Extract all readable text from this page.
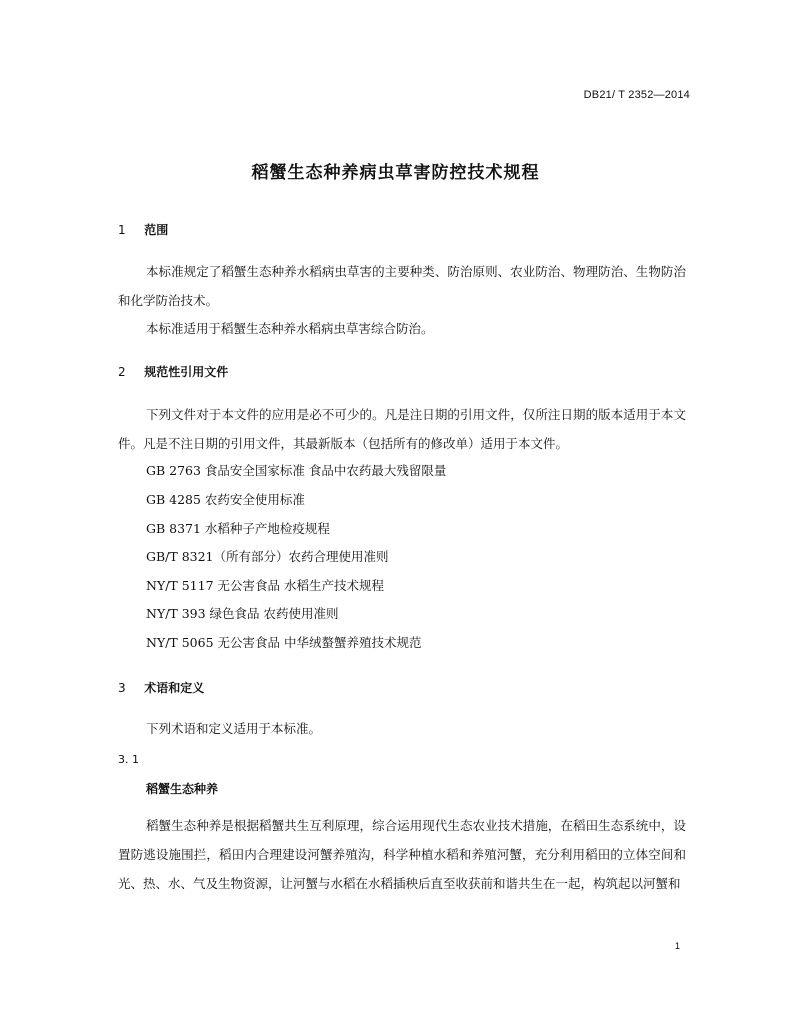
DB21/ T 2352—2014
稻蟹生态种养病虫草害防控技术规程
1 范围

本标准规定了稻蟹生态种养水稻病虫草害的主要种类、防治原则、农业防治、物理防治、生物防治和化学防治技术。

本标准适用于稻蟹生态种养水稻病虫草害综合防治。

2 规范性引用文件

下列文件对于本文件的应用是必不可少的。凡是注日期的引用文件，仅所注日期的版本适用于本文件。凡是不注日期的引用文件，其最新版本（包括所有的修改单）适用于本文件。

GB 2763 食品安全国家标准 食品中农药最大残留限量
GB 4285 农药安全使用标准
GB 8371 水稻种子产地检疫规程
GB/T 8321（所有部分）农药合理使用准则
NY/T 5117 无公害食品 水稻生产技术规程
NY/T 393 绿色食品 农药使用准则
NY/T 5065 无公害食品 中华绒螯蟹养殖技术规范
3 术语和定义

下列术语和定义适用于本标准。

3. 1
稻蟹生态种养

稻蟹生态种养是根据稻蟹共生互利原理，综合运用现代生态农业技术措施，在稻田生态系统中，设置防逃设施围拦，稻田内合理建设河蟹养殖沟，科学种植水稻和养殖河蟹，充分利用稻田的立体空间和光、热、水、气及生物资源，让河蟹与水稻在水稻插秧后直至收获前和谐共生在一起，构筑起以河蟹和

1
